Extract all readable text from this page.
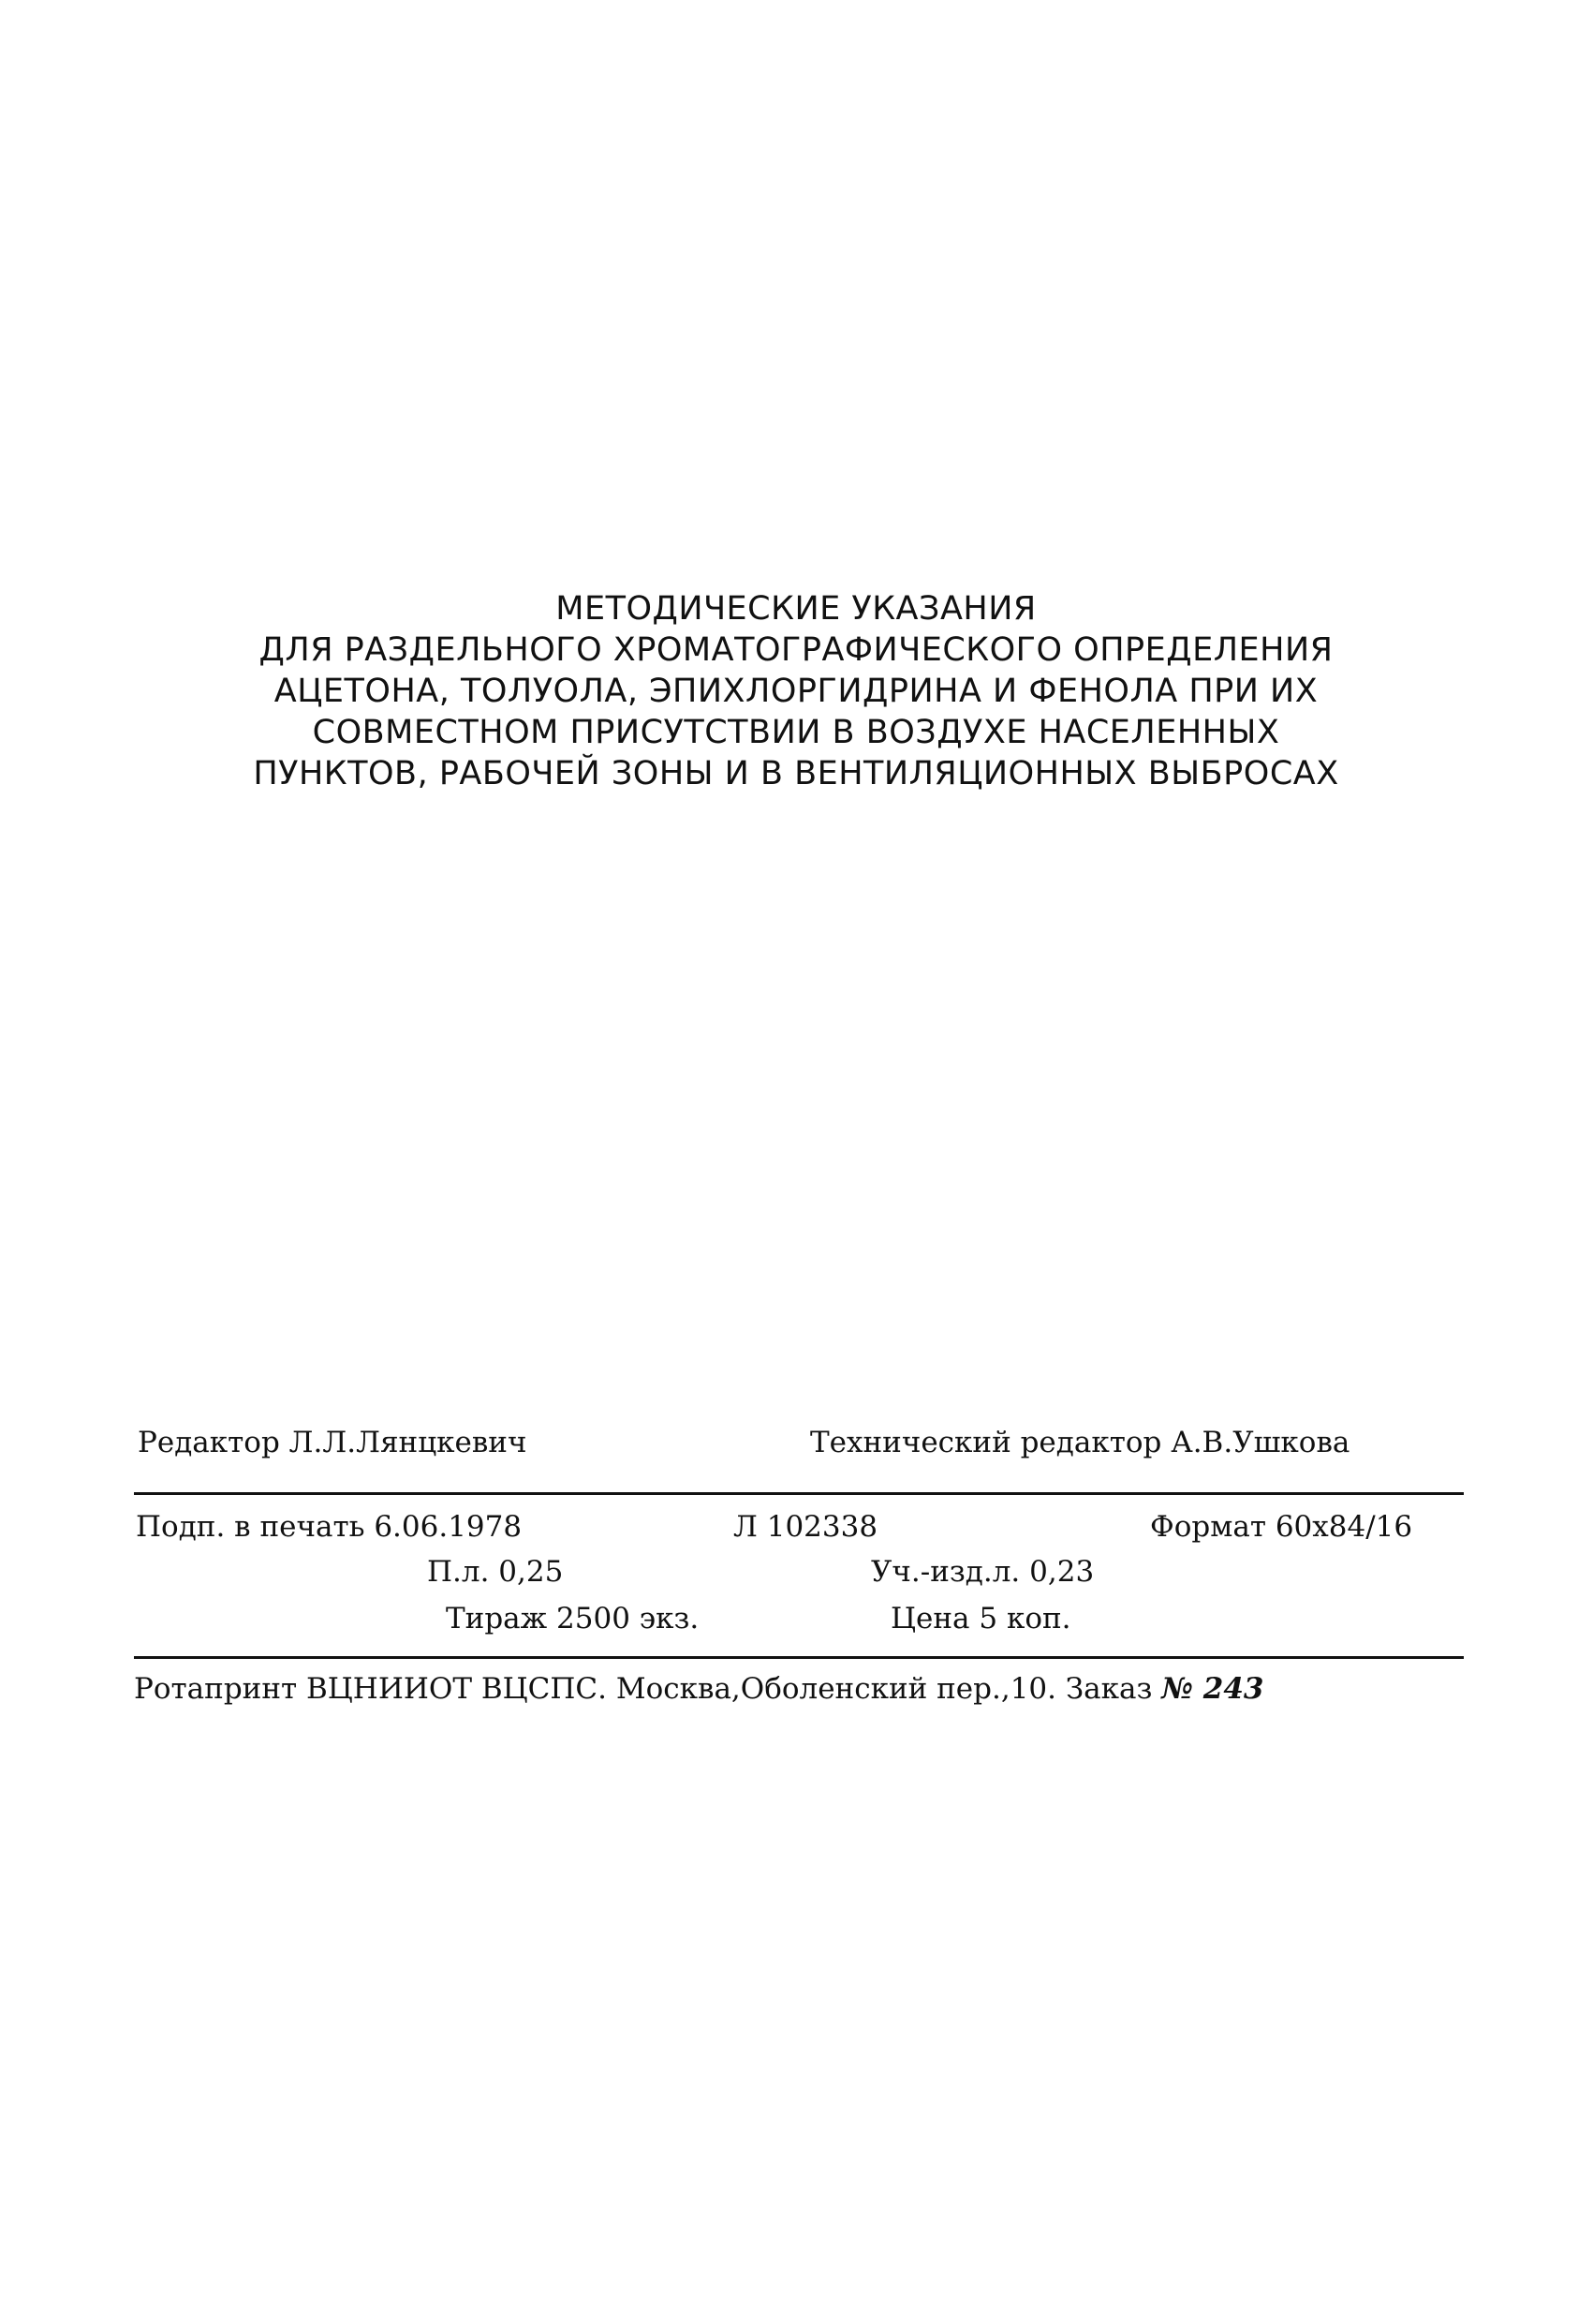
МЕТОДИЧЕСКИЕ УКАЗАНИЯ
ДЛЯ РАЗДЕЛЬНОГО ХРОМАТОГРАФИЧЕСКОГО ОПРЕДЕЛЕНИЯ
АЦЕТОНА, ТОЛУОЛА, ЭПИХЛОРГИДРИНА И ФЕНОЛА ПРИ ИХ
СОВМЕСТНОМ ПРИСУТСТВИИ В ВОЗДУХЕ НАСЕЛЕННЫХ
ПУНКТОВ, РАБОЧЕЙ ЗОНЫ И В ВЕНТИЛЯЦИОННЫХ ВЫБРОСАХ
Редактор Л.Л.Лянцкевич	Технический редактор А.В.Ушкова
Подп. в печать 6.06.1978	Л 102338	Формат 60х84/16
П.л. 0,25	Уч.-изд.л. 0,23
Тираж 2500 экз.	Цена 5 коп.
Ротапринт ВЦНИИОТ ВЦСПС. Москва,Оболенский пер.,10. Заказ № 243
